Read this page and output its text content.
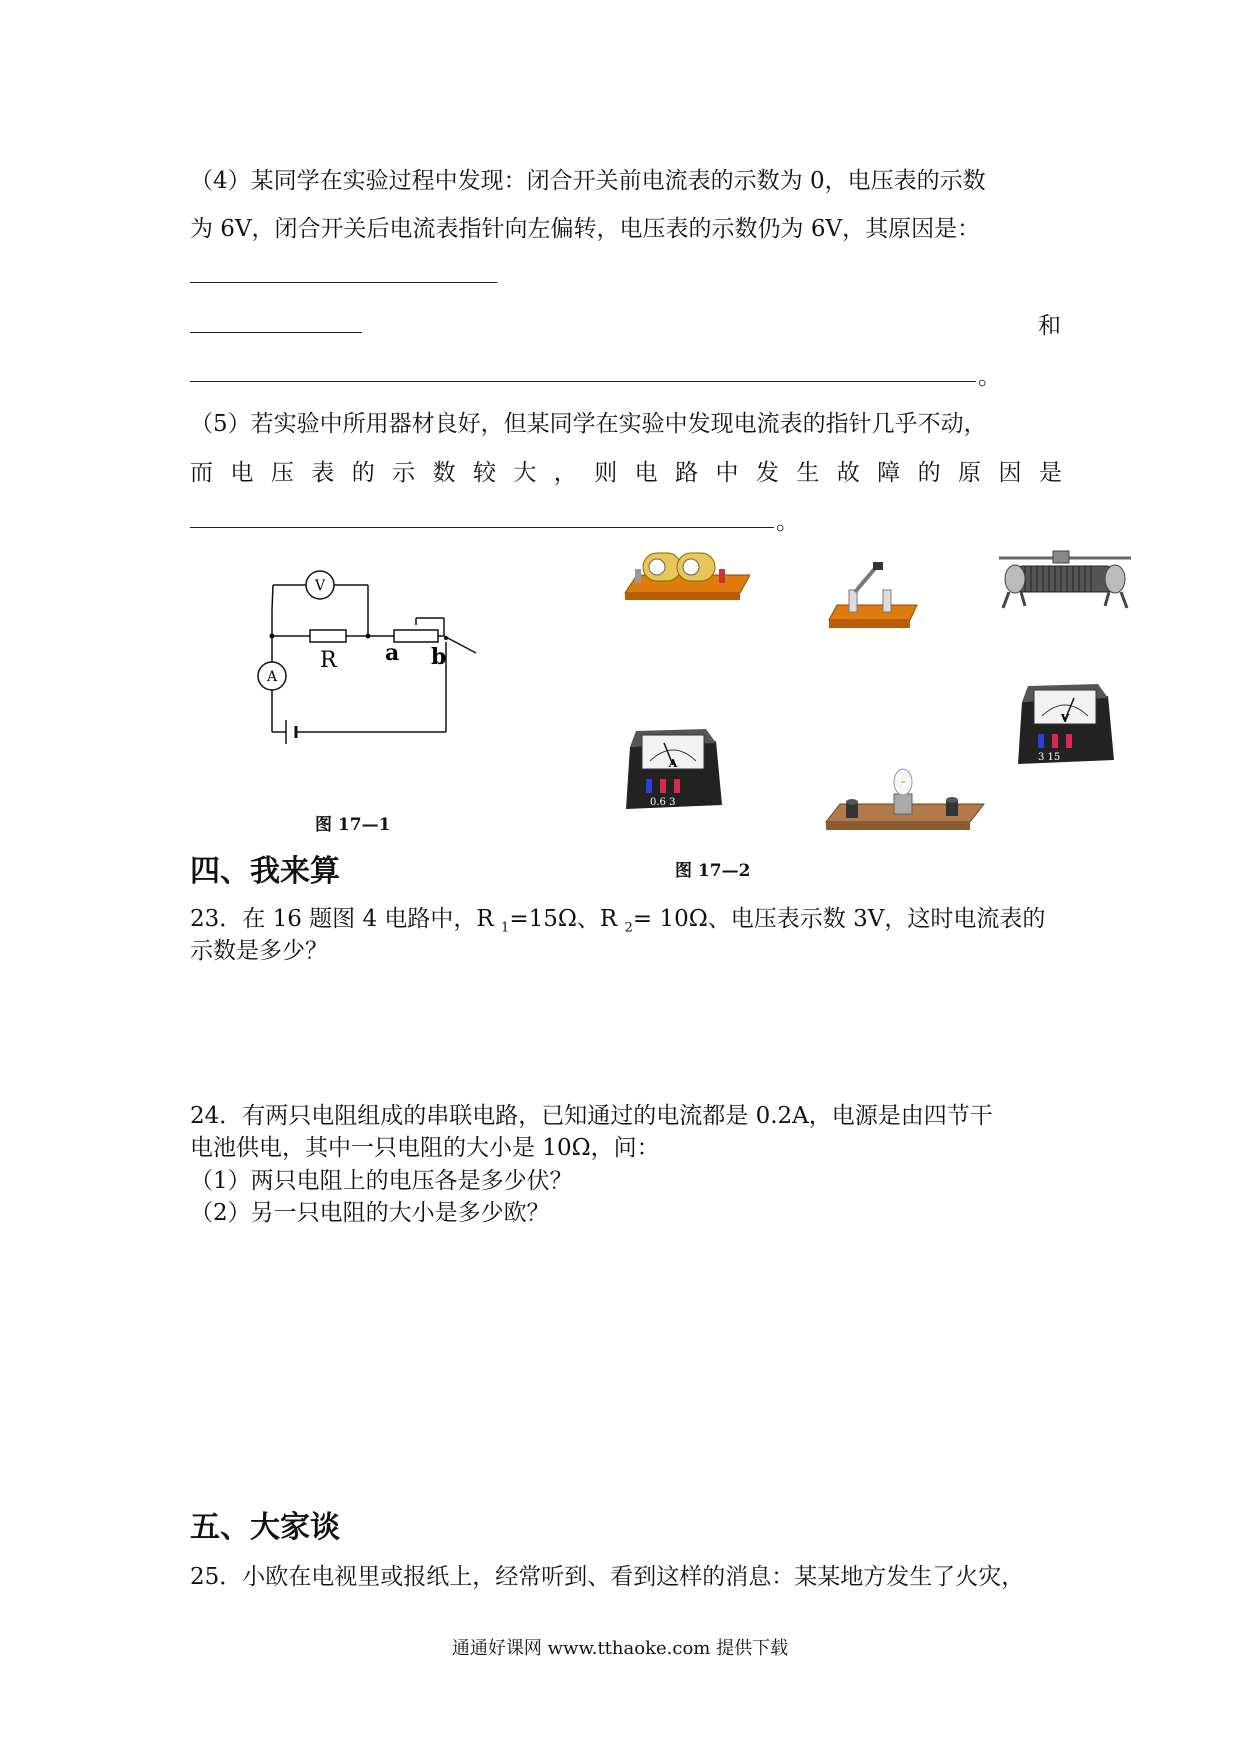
（4）某同学在实验过程中发现：闭合开关前电流表的示数为 0，电压表的示数
为 6V，闭合开关后电流表指针向左偏转，电压表的示数仍为 6V，其原因是：
和
。
（5）若实验中所用器材良好，但某同学在实验中发现电流表的指针几乎不动，
而 电 压 表 的 示 数 较 大 ， 则 电 路 中 发 生 故 障 的 原 因 是
。
V
A
R a b
图 17—1
V
3 15
A
0.6 3
图 17—2
四、我来算
23．在 16 题图 4 电路中，R $_1$=15Ω、R $_2$= 10Ω、电压表示数 3V，这时电流表的
示数是多少？
24．有两只电阻组成的串联电路，已知通过的电流都是 0.2A，电源是由四节干
电池供电，其中一只电阻的大小是 10Ω，问：
（1）两只电阻上的电压各是多少伏？
（2）另一只电阻的大小是多少欧？
五、大家谈
25．小欧在电视里或报纸上，经常听到、看到这样的消息：某某地方发生了火灾，
通通好课网 www.tthaoke.com 提供下载
